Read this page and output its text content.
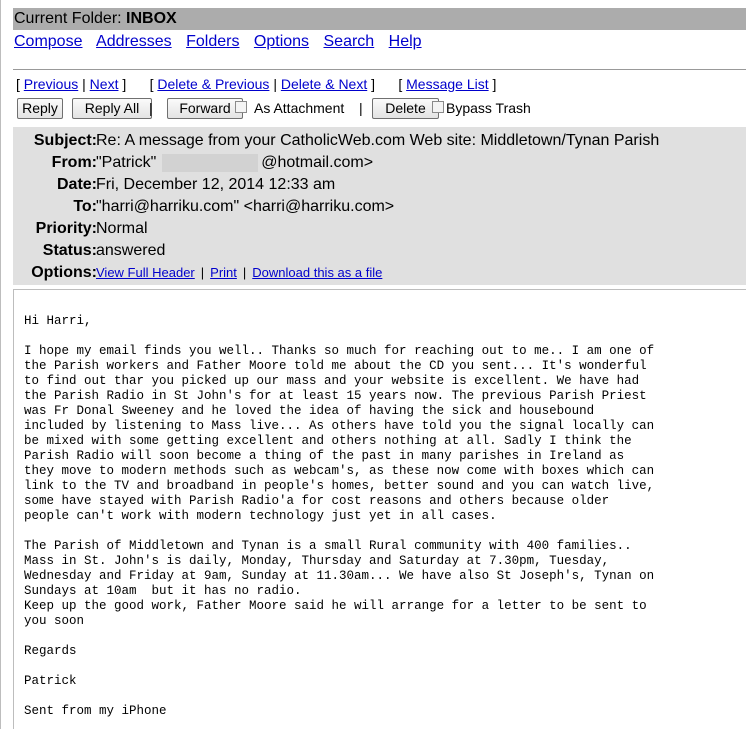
Current Folder: INBOX
Compose Addresses Folders Options Search Help
[ Previous | Next ]      [ Delete & Previous | Delete & Next ]      [ Message List ]
Reply	Reply All |	Forward	As Attachment |	Delete	Bypass Trash
Subject: Re: A message from your CatholicWeb.com Web site: Middletown/Tynan Parish
From: "Patrick"	@hotmail.com>
Date: Fri, December 12, 2014 12:33 am
To: "harri@harriku.com" <harri@harriku.com>
Priority: Normal
Status: answered
Options: View Full Header | Print | Download this as a file
Hi Harri,

I hope my email finds you well.. Thanks so much for reaching out to me.. I am one of
the Parish workers and Father Moore told me about the CD you sent... It's wonderful
to find out thar you picked up our mass and your website is excellent. We have had
the Parish Radio in St John's for at least 15 years now. The previous Parish Priest
was Fr Donal Sweeney and he loved the idea of having the sick and housebound
included by listening to Mass live... As others have told you the signal locally can
be mixed with some getting excellent and others nothing at all. Sadly I think the
Parish Radio will soon become a thing of the past in many parishes in Ireland as
they move to modern methods such as webcam's, as these now come with boxes which can
link to the TV and broadband in people's homes, better sound and you can watch live,
some have stayed with Parish Radio'a for cost reasons and others because older
people can't work with modern technology just yet in all cases.

The Parish of Middletown and Tynan is a small Rural community with 400 families..
Mass in St. John's is daily, Monday, Thursday and Saturday at 7.30pm, Tuesday,
Wednesday and Friday at 9am, Sunday at 11.30am... We have also St Joseph's, Tynan on
Sundays at 10am  but it has no radio.
Keep up the good work, Father Moore said he will arrange for a letter to be sent to
you soon

Regards

Patrick

Sent from my iPhone
